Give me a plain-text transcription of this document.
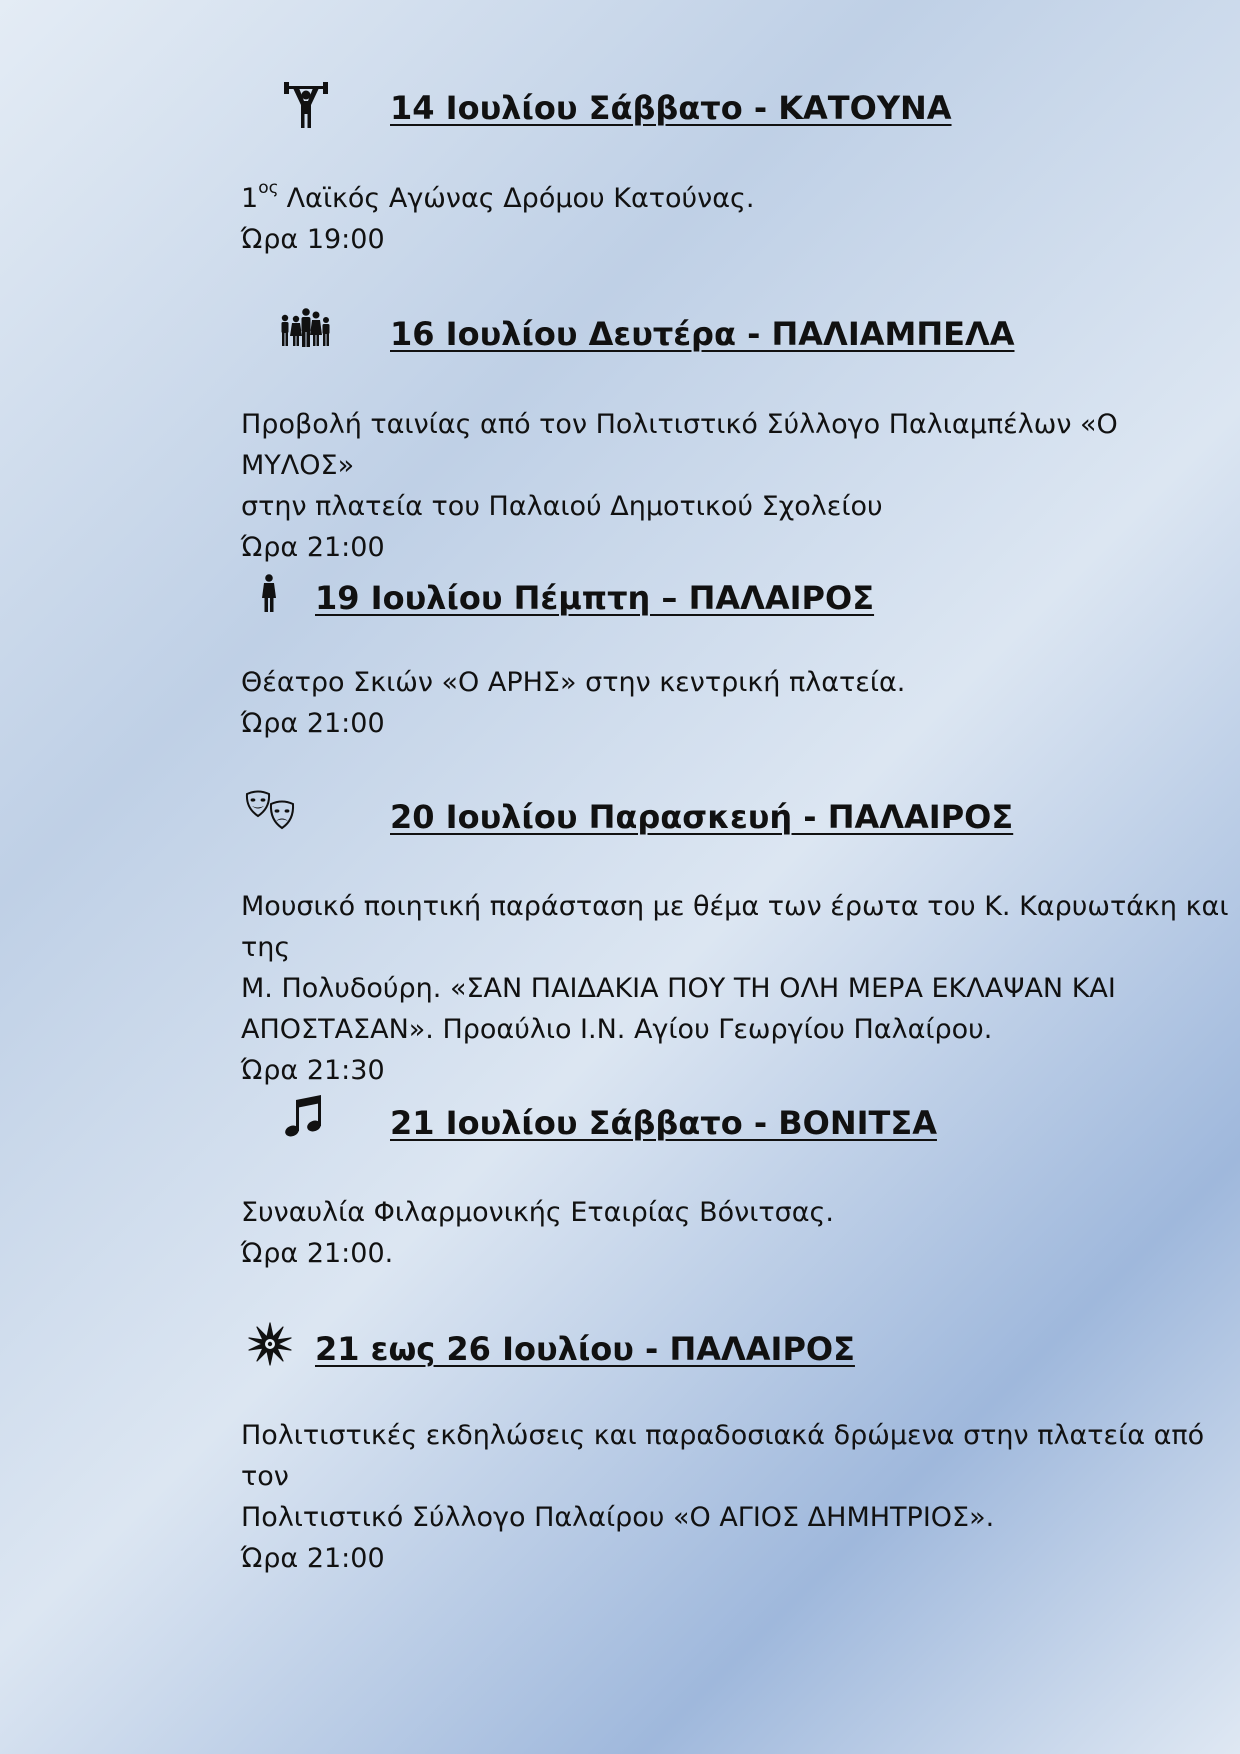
14 Ιουλίου Σάββατο - ΚΑΤΟΥΝΑ

$1^{o\varsigma}$ Λαϊκός Αγώνας Δρόμου Κατούνας.

Ώρα 19:00

16 Ιουλίου Δευτέρα - ΠΑΛΙΑΜΠΕΛΑ

Προβολή ταινίας από τον Πολιτιστικό Σύλλογο Παλιαμπέλων «Ο ΜΥΛΟΣ»

στην πλατεία του Παλαιού Δημοτικού Σχολείου

Ώρα 21:00

19 Ιουλίου Πέμπτη – ΠΑΛΑΙΡΟΣ

Θέατρο Σκιών «Ο ΑΡΗΣ» στην κεντρική πλατεία.

Ώρα 21:00

20 Ιουλίου Παρασκευή - ΠΑΛΑΙΡΟΣ

Μουσικό ποιητική παράσταση με θέμα των έρωτα του Κ. Καρυωτάκη και της

Μ. Πολυδούρη. «ΣΑΝ ΠΑΙΔΑΚΙΑ ΠΟΥ ΤΗ ΟΛΗ ΜΕΡΑ ΕΚΛΑΨΑΝ ΚΑΙ

ΑΠΟΣΤΑΣΑΝ». Προαύλιο Ι.Ν. Αγίου Γεωργίου Παλαίρου.

Ώρα 21:30

21 Ιουλίου Σάββατο - ΒΟΝΙΤΣΑ

Συναυλία Φιλαρμονικής Εταιρίας Βόνιτσας.

Ώρα 21:00.

21 εως 26 Ιουλίου - ΠΑΛΑΙΡΟΣ

Πολιτιστικές εκδηλώσεις και παραδοσιακά δρώμενα στην πλατεία από τον

Πολιτιστικό Σύλλογο Παλαίρου «Ο ΑΓΙΟΣ ΔΗΜΗΤΡΙΟΣ».

Ώρα 21:00
